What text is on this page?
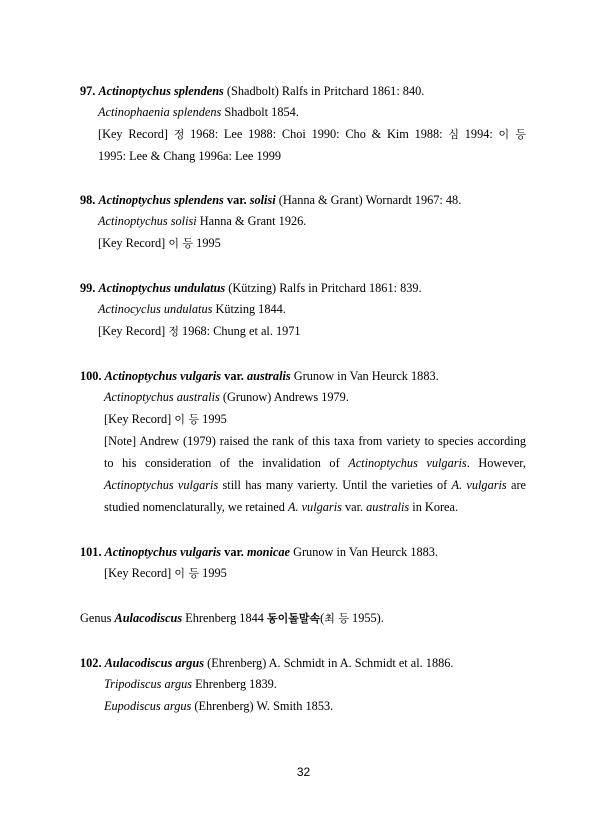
97. Actinoptychus splendens (Shadbolt) Ralfs in Pritchard 1861: 840.
Actinophaenia splendens Shadbolt 1854.
[Key Record] 정 1968: Lee 1988: Choi 1990: Cho & Kim 1988: 심 1994: 이 등
1995: Lee & Chang 1996a: Lee 1999
98. Actinoptychus splendens var. solisi (Hanna & Grant) Wornardt 1967: 48.
Actinoptychus solisi Hanna & Grant 1926.
[Key Record] 이 등 1995
99. Actinoptychus undulatus (Kützing) Ralfs in Pritchard 1861: 839.
Actinocyclus undulatus Kützing 1844.
[Key Record] 정 1968: Chung et al. 1971
100. Actinoptychus vulgaris var. australis Grunow in Van Heurck 1883.
Actinoptychus australis (Grunow) Andrews 1979.
[Key Record] 이 등 1995
[Note] Andrew (1979) raised the rank of this taxa from variety to species according
to his consideration of the invalidation of Actinoptychus vulgaris. However,
Actinoptychus vulgaris still has many varierty. Until the varieties of A. vulgaris are
studied nomenclaturally, we retained A. vulgaris var. australis in Korea.
101. Actinoptychus vulgaris var. monicae Grunow in Van Heurck 1883.
[Key Record] 이 등 1995
Genus Aulacodiscus Ehrenberg 1844 동이돌말속(최 등 1955).
102. Aulacodiscus argus (Ehrenberg) A. Schmidt in A. Schmidt et al. 1886.
Tripodiscus argus Ehrenberg 1839.
Eupodiscus argus (Ehrenberg) W. Smith 1853.
32
